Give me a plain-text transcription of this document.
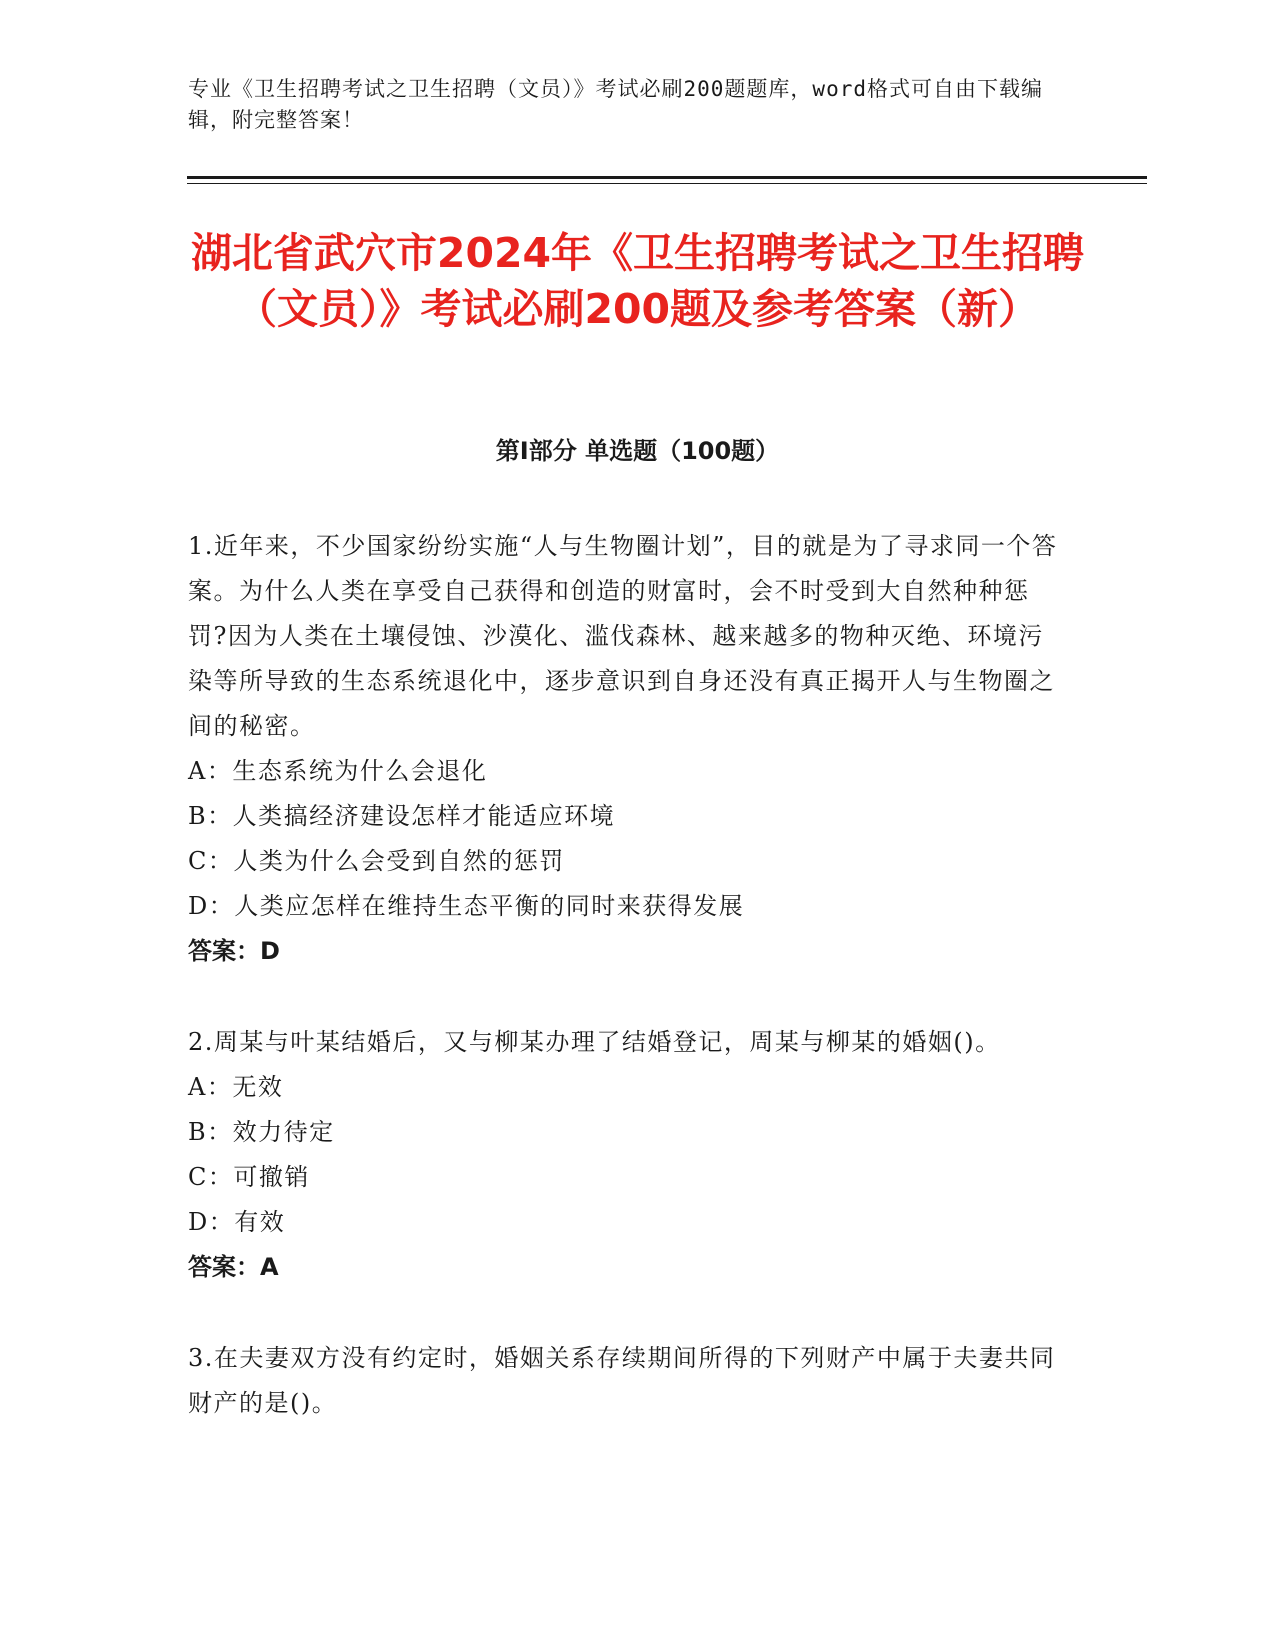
专业《卫生招聘考试之卫生招聘（文员）》考试必刷200题题库，word格式可自由下载编辑，附完整答案！
湖北省武穴市2024年《卫生招聘考试之卫生招聘（文员）》考试必刷200题及参考答案（新）
第Ⅰ部分 单选题（100题）
1.近年来，不少国家纷纷实施“人与生物圈计划”，目的就是为了寻求同一个答案。为什么人类在享受自己获得和创造的财富时，会不时受到大自然种种惩罚?因为人类在土壤侵蚀、沙漠化、滥伐森林、越来越多的物种灭绝、环境污染等所导致的生态系统退化中，逐步意识到自身还没有真正揭开人与生物圈之间的秘密。
A：生态系统为什么会退化
B：人类搞经济建设怎样才能适应环境
C：人类为什么会受到自然的惩罚
D：人类应怎样在维持生态平衡的同时来获得发展
答案：D
2.周某与叶某结婚后，又与柳某办理了结婚登记，周某与柳某的婚姻()。
A：无效
B：效力待定
C：可撤销
D：有效
答案：A
3.在夫妻双方没有约定时，婚姻关系存续期间所得的下列财产中属于夫妻共同财产的是()。
